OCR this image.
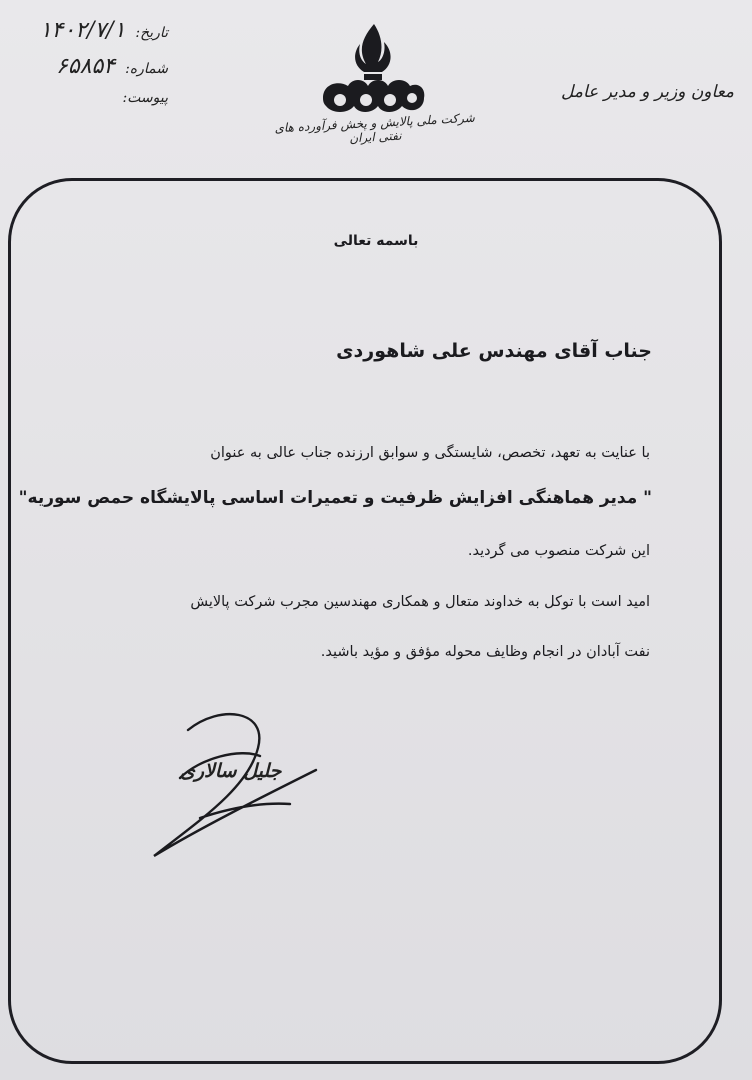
تاریخ:
۱۴۰۲/۷/۱
شماره:
۶۵۸۵۴
پیوست:
شرکت ملی پالایش و پخش فرآورده های نفتی ایران
معاون وزیر و مدیر عامل
باسمه تعالی
جناب آقای مهندس علی شاهوردی
با عنایت به تعهد، تخصص، شایستگی و سوابق ارزنده جناب عالی به عنوان
" مدیر هماهنگی افزایش ظرفیت و تعمیرات اساسی پالایشگاه حمص سوریه"
این شرکت منصوب می گردید.
امید است با توکل به خداوند متعال و همکاری مهندسین مجرب شرکت پالایش
نفت آبادان در انجام وظایف محوله مؤفق و مؤید باشید.
جلیل سالاری
